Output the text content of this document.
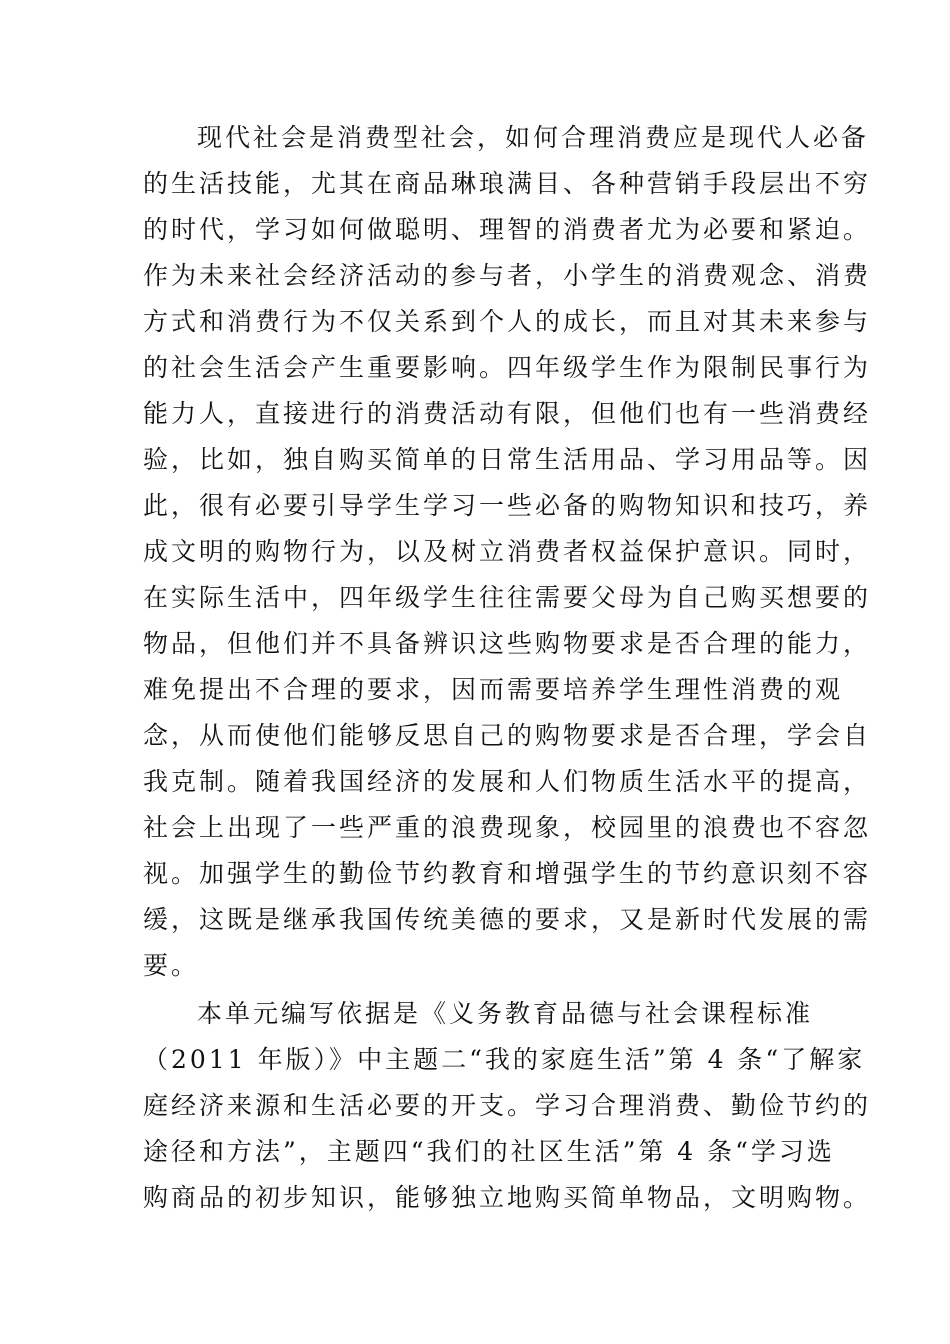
现代社会是消费型社会，如何合理消费应是现代人必备
的生活技能，尤其在商品琳琅满目、各种营销手段层出不穷
的时代，学习如何做聪明、理智的消费者尤为必要和紧迫。
作为未来社会经济活动的参与者，小学生的消费观念、消费
方式和消费行为不仅关系到个人的成长，而且对其未来参与
的社会生活会产生重要影响。四年级学生作为限制民事行为
能力人，直接进行的消费活动有限，但他们也有一些消费经
验，比如，独自购买简单的日常生活用品、学习用品等。因
此，很有必要引导学生学习一些必备的购物知识和技巧，养
成文明的购物行为，以及树立消费者权益保护意识。同时，
在实际生活中，四年级学生往往需要父母为自己购买想要的
物品，但他们并不具备辨识这些购物要求是否合理的能力，
难免提出不合理的要求，因而需要培养学生理性消费的观
念，从而使他们能够反思自己的购物要求是否合理，学会自
我克制。随着我国经济的发展和人们物质生活水平的提高，
社会上出现了一些严重的浪费现象，校园里的浪费也不容忽
视。加强学生的勤俭节约教育和增强学生的节约意识刻不容
缓，这既是继承我国传统美德的要求，又是新时代发展的需
要。
本单元编写依据是《义务教育品德与社会课程标准
（2011 年版）》中主题二“我的家庭生活”第 4 条“了解家
庭经济来源和生活必要的开支。学习合理消费、勤俭节约的
途径和方法”，主题四“我们的社区生活”第 4 条“学习选
购商品的初步知识，能够独立地购买简单物品，文明购物。
